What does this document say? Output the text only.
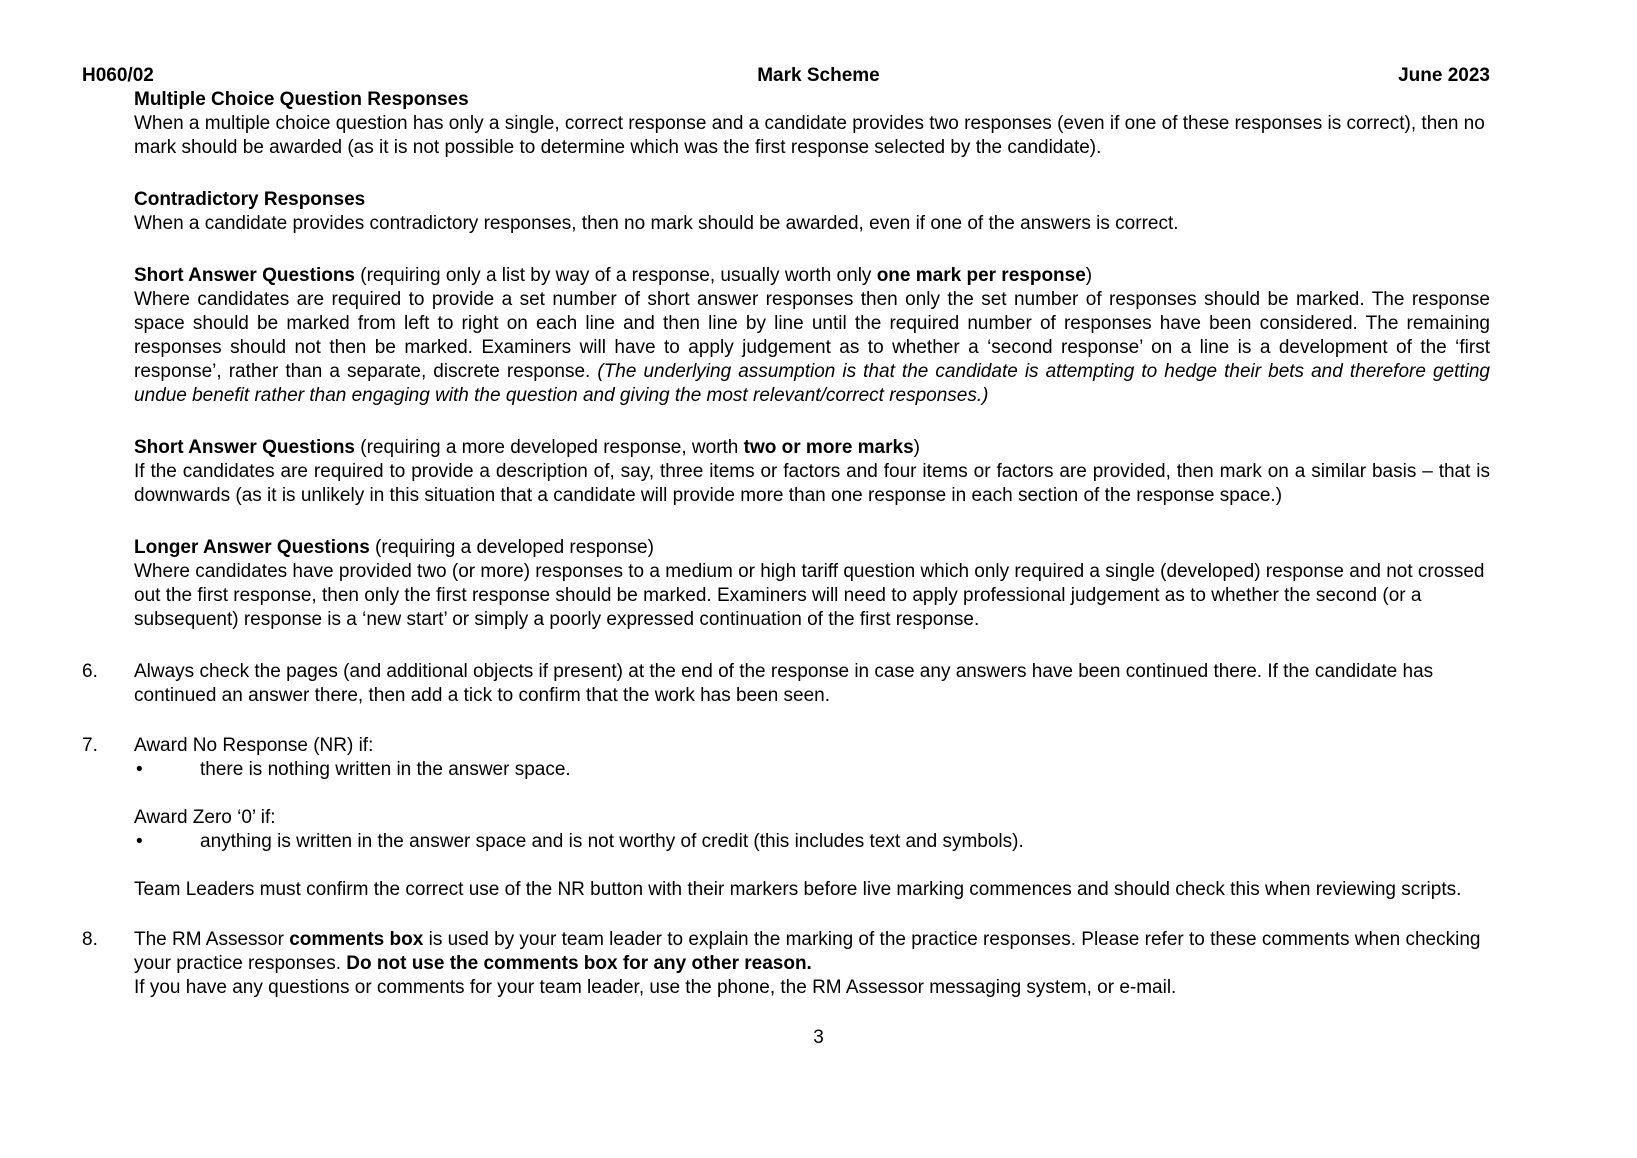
H060/02	Mark Scheme	June 2023
Multiple Choice Question Responses
When a multiple choice question has only a single, correct response and a candidate provides two responses (even if one of these responses is correct), then no mark should be awarded (as it is not possible to determine which was the first response selected by the candidate).
Contradictory Responses
When a candidate provides contradictory responses, then no mark should be awarded, even if one of the answers is correct.
Short Answer Questions (requiring only a list by way of a response, usually worth only one mark per response)
Where candidates are required to provide a set number of short answer responses then only the set number of responses should be marked. The response space should be marked from left to right on each line and then line by line until the required number of responses have been considered. The remaining responses should not then be marked. Examiners will have to apply judgement as to whether a ‘second response’ on a line is a development of the ‘first response’, rather than a separate, discrete response. (The underlying assumption is that the candidate is attempting to hedge their bets and therefore getting undue benefit rather than engaging with the question and giving the most relevant/correct responses.)
Short Answer Questions (requiring a more developed response, worth two or more marks)
If the candidates are required to provide a description of, say, three items or factors and four items or factors are provided, then mark on a similar basis – that is downwards (as it is unlikely in this situation that a candidate will provide more than one response in each section of the response space.)
Longer Answer Questions (requiring a developed response)
Where candidates have provided two (or more) responses to a medium or high tariff question which only required a single (developed) response and not crossed out the first response, then only the first response should be marked. Examiners will need to apply professional judgement as to whether the second (or a subsequent) response is a ‘new start’ or simply a poorly expressed continuation of the first response.
6.	Always check the pages (and additional objects if present) at the end of the response in case any answers have been continued there. If the candidate has continued an answer there, then add a tick to confirm that the work has been seen.
7.	Award No Response (NR) if:
•	there is nothing written in the answer space.
Award Zero ‘0’ if:
•	anything is written in the answer space and is not worthy of credit (this includes text and symbols).
Team Leaders must confirm the correct use of the NR button with their markers before live marking commences and should check this when reviewing scripts.
8.	The RM Assessor comments box is used by your team leader to explain the marking of the practice responses. Please refer to these comments when checking your practice responses. Do not use the comments box for any other reason.
If you have any questions or comments for your team leader, use the phone, the RM Assessor messaging system, or e-mail.
3
